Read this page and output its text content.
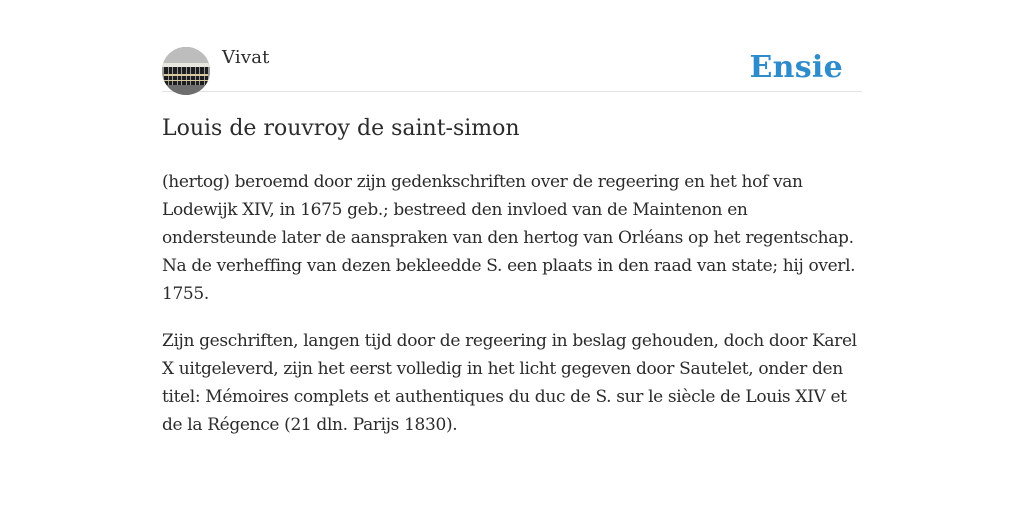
Vivat	Ensie
Louis de rouvroy de saint-simon

(hertog) beroemd door zijn gedenkschriften over de regeering en het hof van Lodewijk XIV, in 1675 geb.; bestreed den invloed van de Maintenon en ondersteunde later de aanspraken van den hertog van Orléans op het regentschap. Na de verheffing van dezen bekleedde S. een plaats in den raad van state; hij overl. 1755.

Zijn geschriften, langen tijd door de regeering in beslag gehouden, doch door Karel X uitgeleverd, zijn het eerst volledig in het licht gegeven door Sautelet, onder den titel: Mémoires complets et authentiques du duc de S. sur le siècle de Louis XIV et de la Régence (21 dln. Parijs 1830).
